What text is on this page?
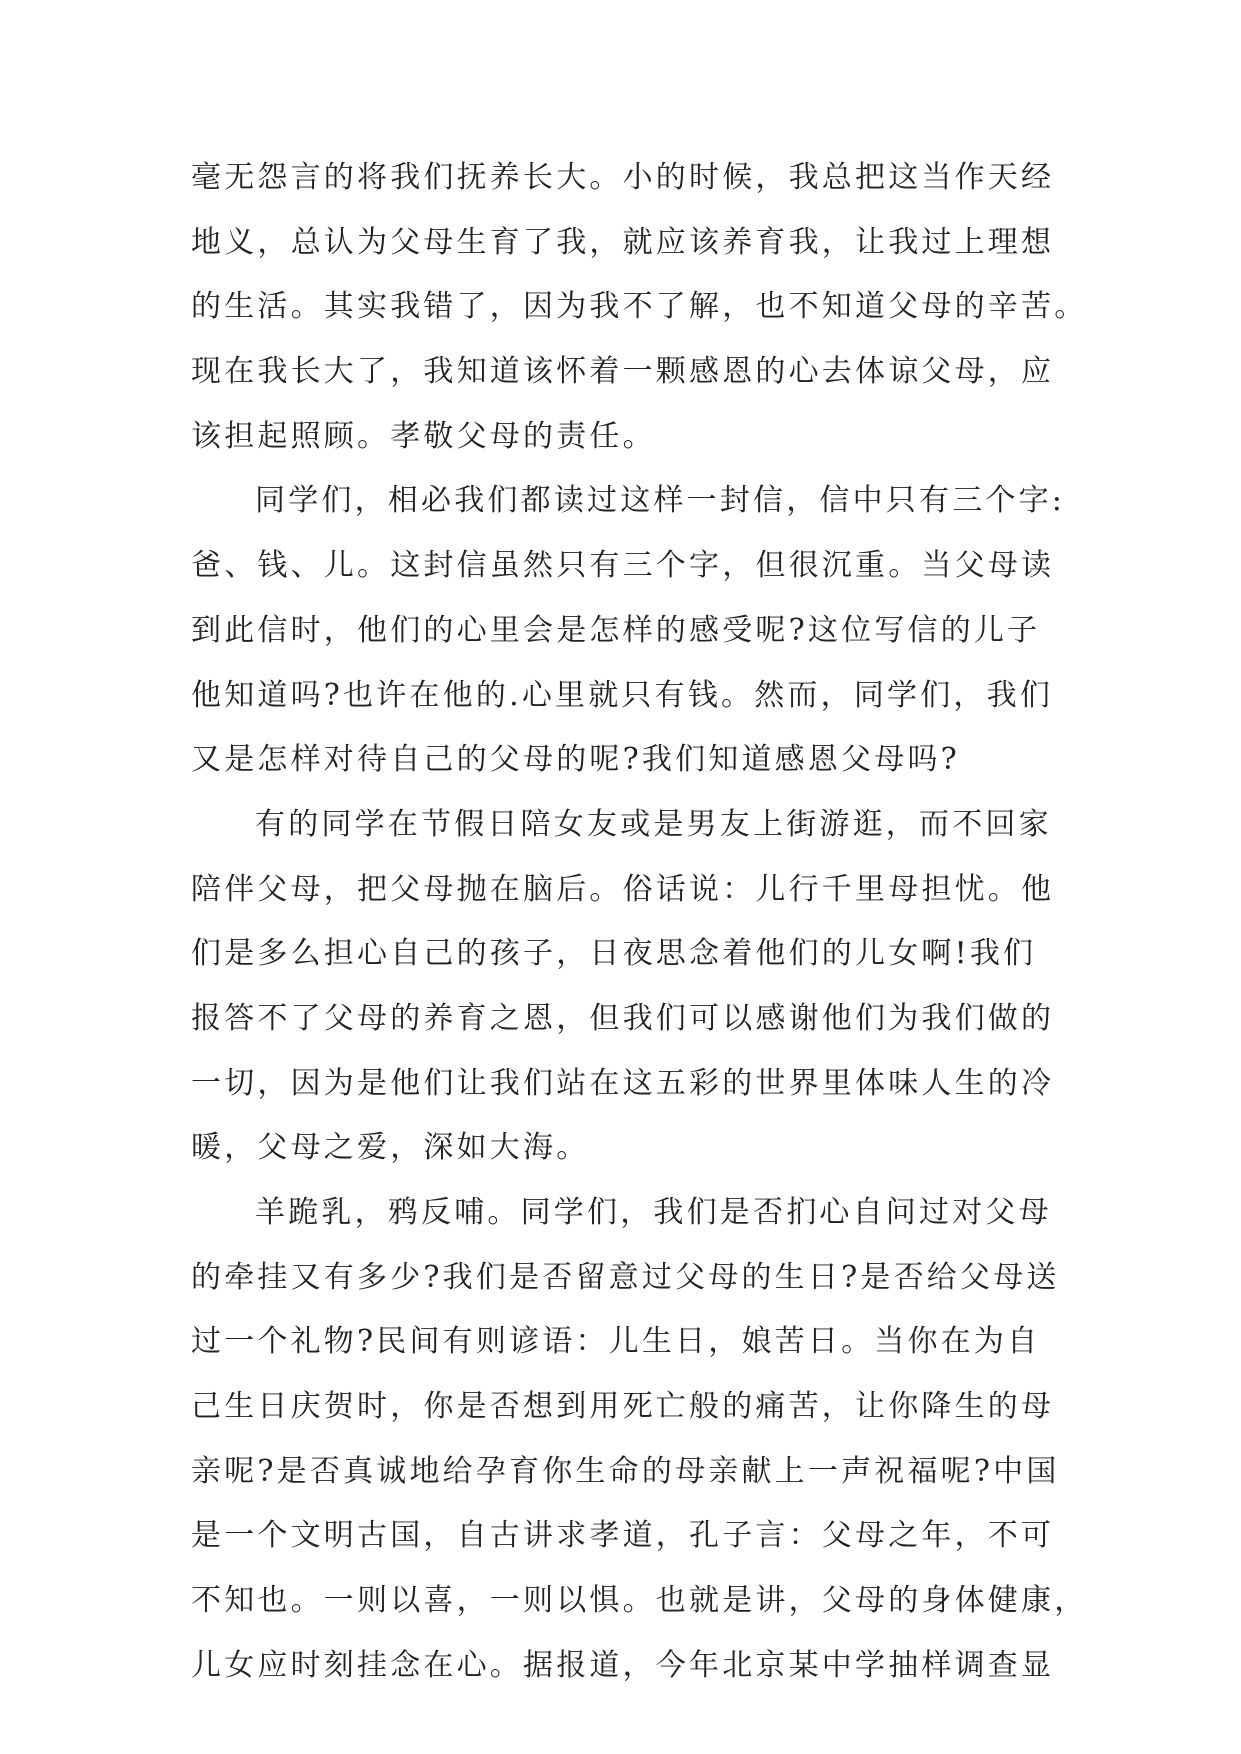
毫无怨言的将我们抚养长大。小的时候，我总把这当作天经
地义，总认为父母生育了我，就应该养育我，让我过上理想
的生活。其实我错了，因为我不了解，也不知道父母的辛苦。
现在我长大了，我知道该怀着一颗感恩的心去体谅父母，应
该担起照顾。孝敬父母的责任。
同学们，相必我们都读过这样一封信，信中只有三个字:
爸、钱、儿。这封信虽然只有三个字，但很沉重。当父母读
到此信时，他们的心里会是怎样的感受呢?这位写信的儿子
他知道吗?也许在他的.心里就只有钱。然而，同学们，我们
又是怎样对待自己的父母的呢?我们知道感恩父母吗?
有的同学在节假日陪女友或是男友上街游逛，而不回家
陪伴父母，把父母抛在脑后。俗话说：儿行千里母担忧。他
们是多么担心自己的孩子，日夜思念着他们的儿女啊!我们
报答不了父母的养育之恩，但我们可以感谢他们为我们做的
一切，因为是他们让我们站在这五彩的世界里体味人生的冷
暖，父母之爱，深如大海。
羊跪乳，鸦反哺。同学们，我们是否扪心自问过对父母
的牵挂又有多少?我们是否留意过父母的生日?是否给父母送
过一个礼物?民间有则谚语：儿生日，娘苦日。当你在为自
己生日庆贺时，你是否想到用死亡般的痛苦，让你降生的母
亲呢?是否真诚地给孕育你生命的母亲献上一声祝福呢?中国
是一个文明古国，自古讲求孝道，孔子言：父母之年，不可
不知也。一则以喜，一则以惧。也就是讲，父母的身体健康，
儿女应时刻挂念在心。据报道，今年北京某中学抽样调查显
